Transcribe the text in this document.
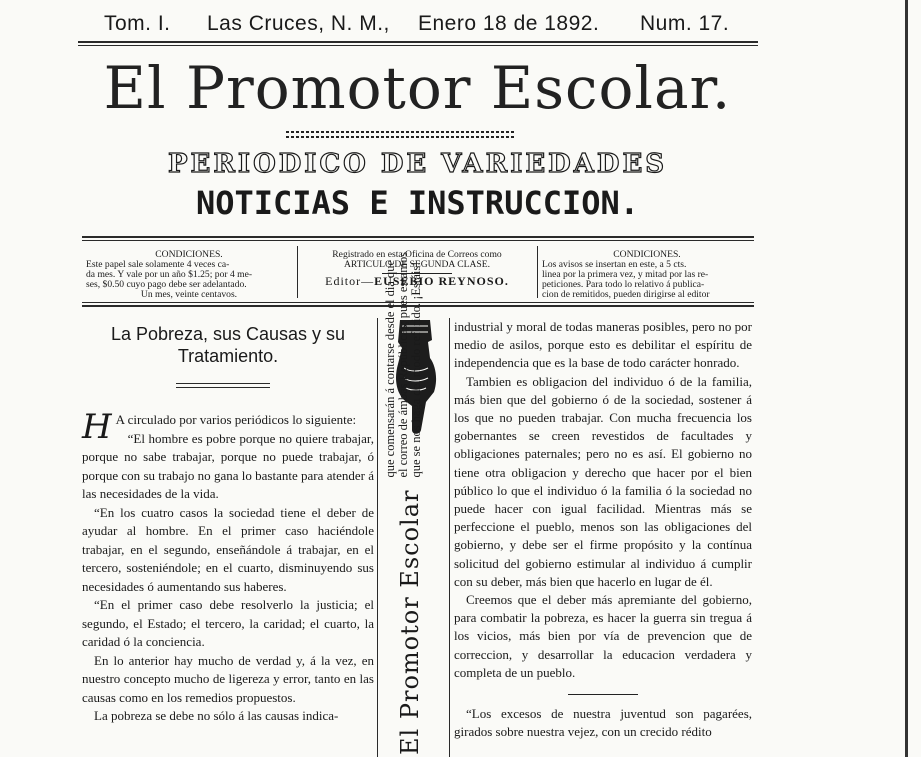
Tom. I. Las Cruces, N. M., Enero 18 de 1892. Num. 17.
El Promotor Escolar.
PERIODICO DE VARIEDADES
NOTICIAS E INSTRUCCION.
CONDICIONES.
Este papel sale solamente 4 veces ca-
da mes. Y vale por un año $1.25; por 4 me-
ses, $0.50 cuyo pago debe ser adelantado.
Un mes, veinte centavos.
Registrado en esta Oficina de Correos como
ARTICULO DE SEGUNDA CLASE.
Editor—EUSEBIO REYNOSO.
CONDICIONES.
Los avisos se insertan en este, a 5 cts.
linea por la primera vez, y mitad por las re-
peticiones. Para todo lo relativo á publica-
cion de remitidos, pueden dirigirse al editor
La Pobreza, sus Causas y su Tratamiento.

H A circulado por varios periódicos lo siguiente:

“El hombre es pobre porque no quiere trabajar, porque no sabe trabajar, porque no puede trabajar, ó porque con su trabajo no gana lo bastante para atender á las necesidades de la vida.

“En los cuatro casos la sociedad tiene el deber de ayudar al hombre. En el primer caso haciéndole trabajar, en el segundo, enseñándole á trabajar, en el tercero, sosteniéndole; en el cuarto, disminuyendo sus necesidades ó aumentando sus haberes.

“En el primer caso debe resolverlo la justicia; el segundo, el Estado; el tercero, la caridad; el cuarto, la caridad ó la conciencia.

En lo anterior hay mucho de verdad y, á la vez, en nuestro concepto mucho de ligereza y error, tanto en las causas como en los remedios propuestos.

La pobreza se debe no sólo á las causas indica-	El Promotor Escolar
que comensarán á contarse desde el dia que el correo de ámbas Repúblicas; pues estamos que se nos haga del modo referido. ¡Estáis! industrial y moral de todas maneras posibles, pero no por medio de asilos, porque esto es debilitar el espíritu de independencia que es la base de todo carácter honrado.

Tambien es obligacion del individuo ó de la familia, más bien que del gobierno ó de la sociedad, sostener á los que no pueden trabajar. Con mucha frecuencia los gobernantes se creen revestidos de facultades y obligaciones paternales; pero no es así. El gobierno no tiene otra obligacion y derecho que hacer por el bien público lo que el individuo ó la familia ó la sociedad no puede hacer con igual facilidad. Mientras más se perfeccione el pueblo, menos son las obligaciones del gobierno, y debe ser el firme propósito y la contínua solicitud del gobierno estimular al individuo á cumplir con su deber, más bien que hacerlo en lugar de él.

Creemos que el deber más apremiante del gobierno, para combatir la pobreza, es hacer la guerra sin tregua á los vicios, más bien por vía de prevencion que de correccion, y desarrollar la educacion verdadera y completa de un pueblo.

“Los excesos de nuestra juventud son pagarées, girados sobre nuestra vejez, con un crecido rédito
